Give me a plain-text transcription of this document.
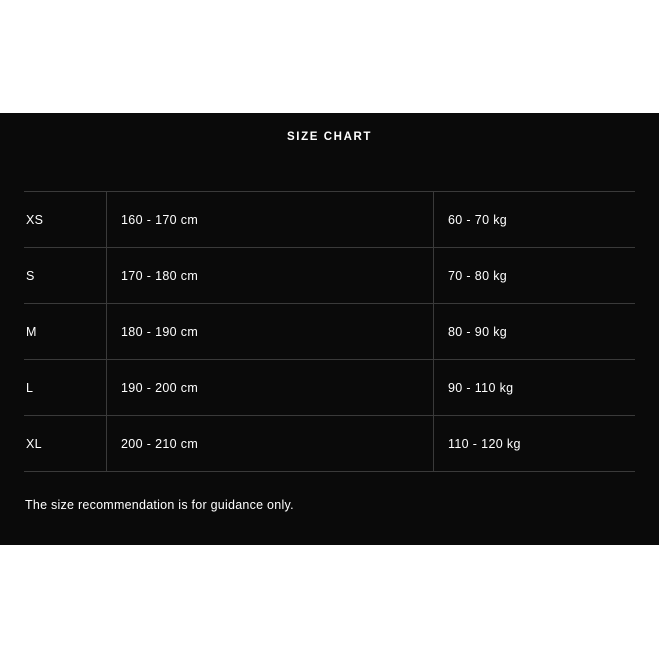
SIZE CHART
XS	160 - 170 cm	60 - 70 kg
S	170 - 180 cm	70 - 80 kg
M	180 - 190 cm	80 - 90 kg
L	190 - 200 cm	90 - 110 kg
XL	200 - 210 cm	110 - 120 kg
The size recommendation is for guidance only.
